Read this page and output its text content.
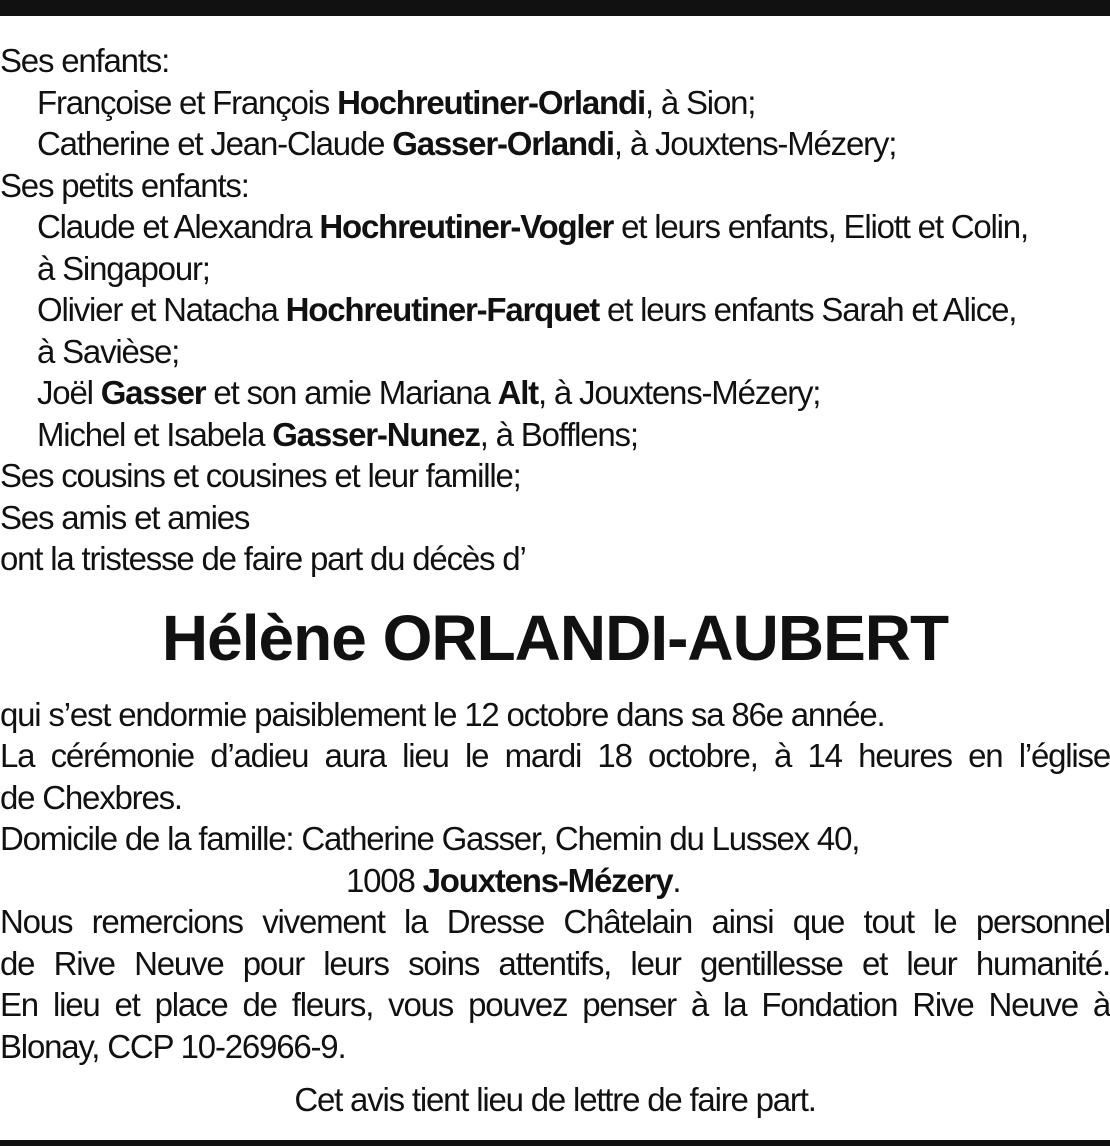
Ses enfants:
Françoise et François Hochreutiner-Orlandi, à Sion;
Catherine et Jean-Claude Gasser-Orlandi, à Jouxtens-Mézery;
Ses petits enfants:
Claude et Alexandra Hochreutiner-Vogler et leurs enfants, Eliott et Colin,
à Singapour;
Olivier et Natacha Hochreutiner-Farquet et leurs enfants Sarah et Alice,
à Savièse;
Joël Gasser et son amie Mariana Alt, à Jouxtens-Mézery;
Michel et Isabela Gasser-Nunez, à Bofflens;
Ses cousins et cousines et leur famille;
Ses amis et amies
ont la tristesse de faire part du décès d’
Hélène ORLANDI-AUBERT
qui s’est endormie paisiblement le 12 octobre dans sa 86e année.
La cérémonie d’adieu aura lieu le mardi 18 octobre, à 14 heures en l’église
de Chexbres.
Domicile de la famille: Catherine Gasser, Chemin du Lussex 40,
1008 Jouxtens-Mézery.
Nous remercions vivement la Dresse Châtelain ainsi que tout le personnel
de Rive Neuve pour leurs soins attentifs, leur gentillesse et leur humanité.
En lieu et place de fleurs, vous pouvez penser à la Fondation Rive Neuve à
Blonay, CCP 10-26966-9.
Cet avis tient lieu de lettre de faire part.
